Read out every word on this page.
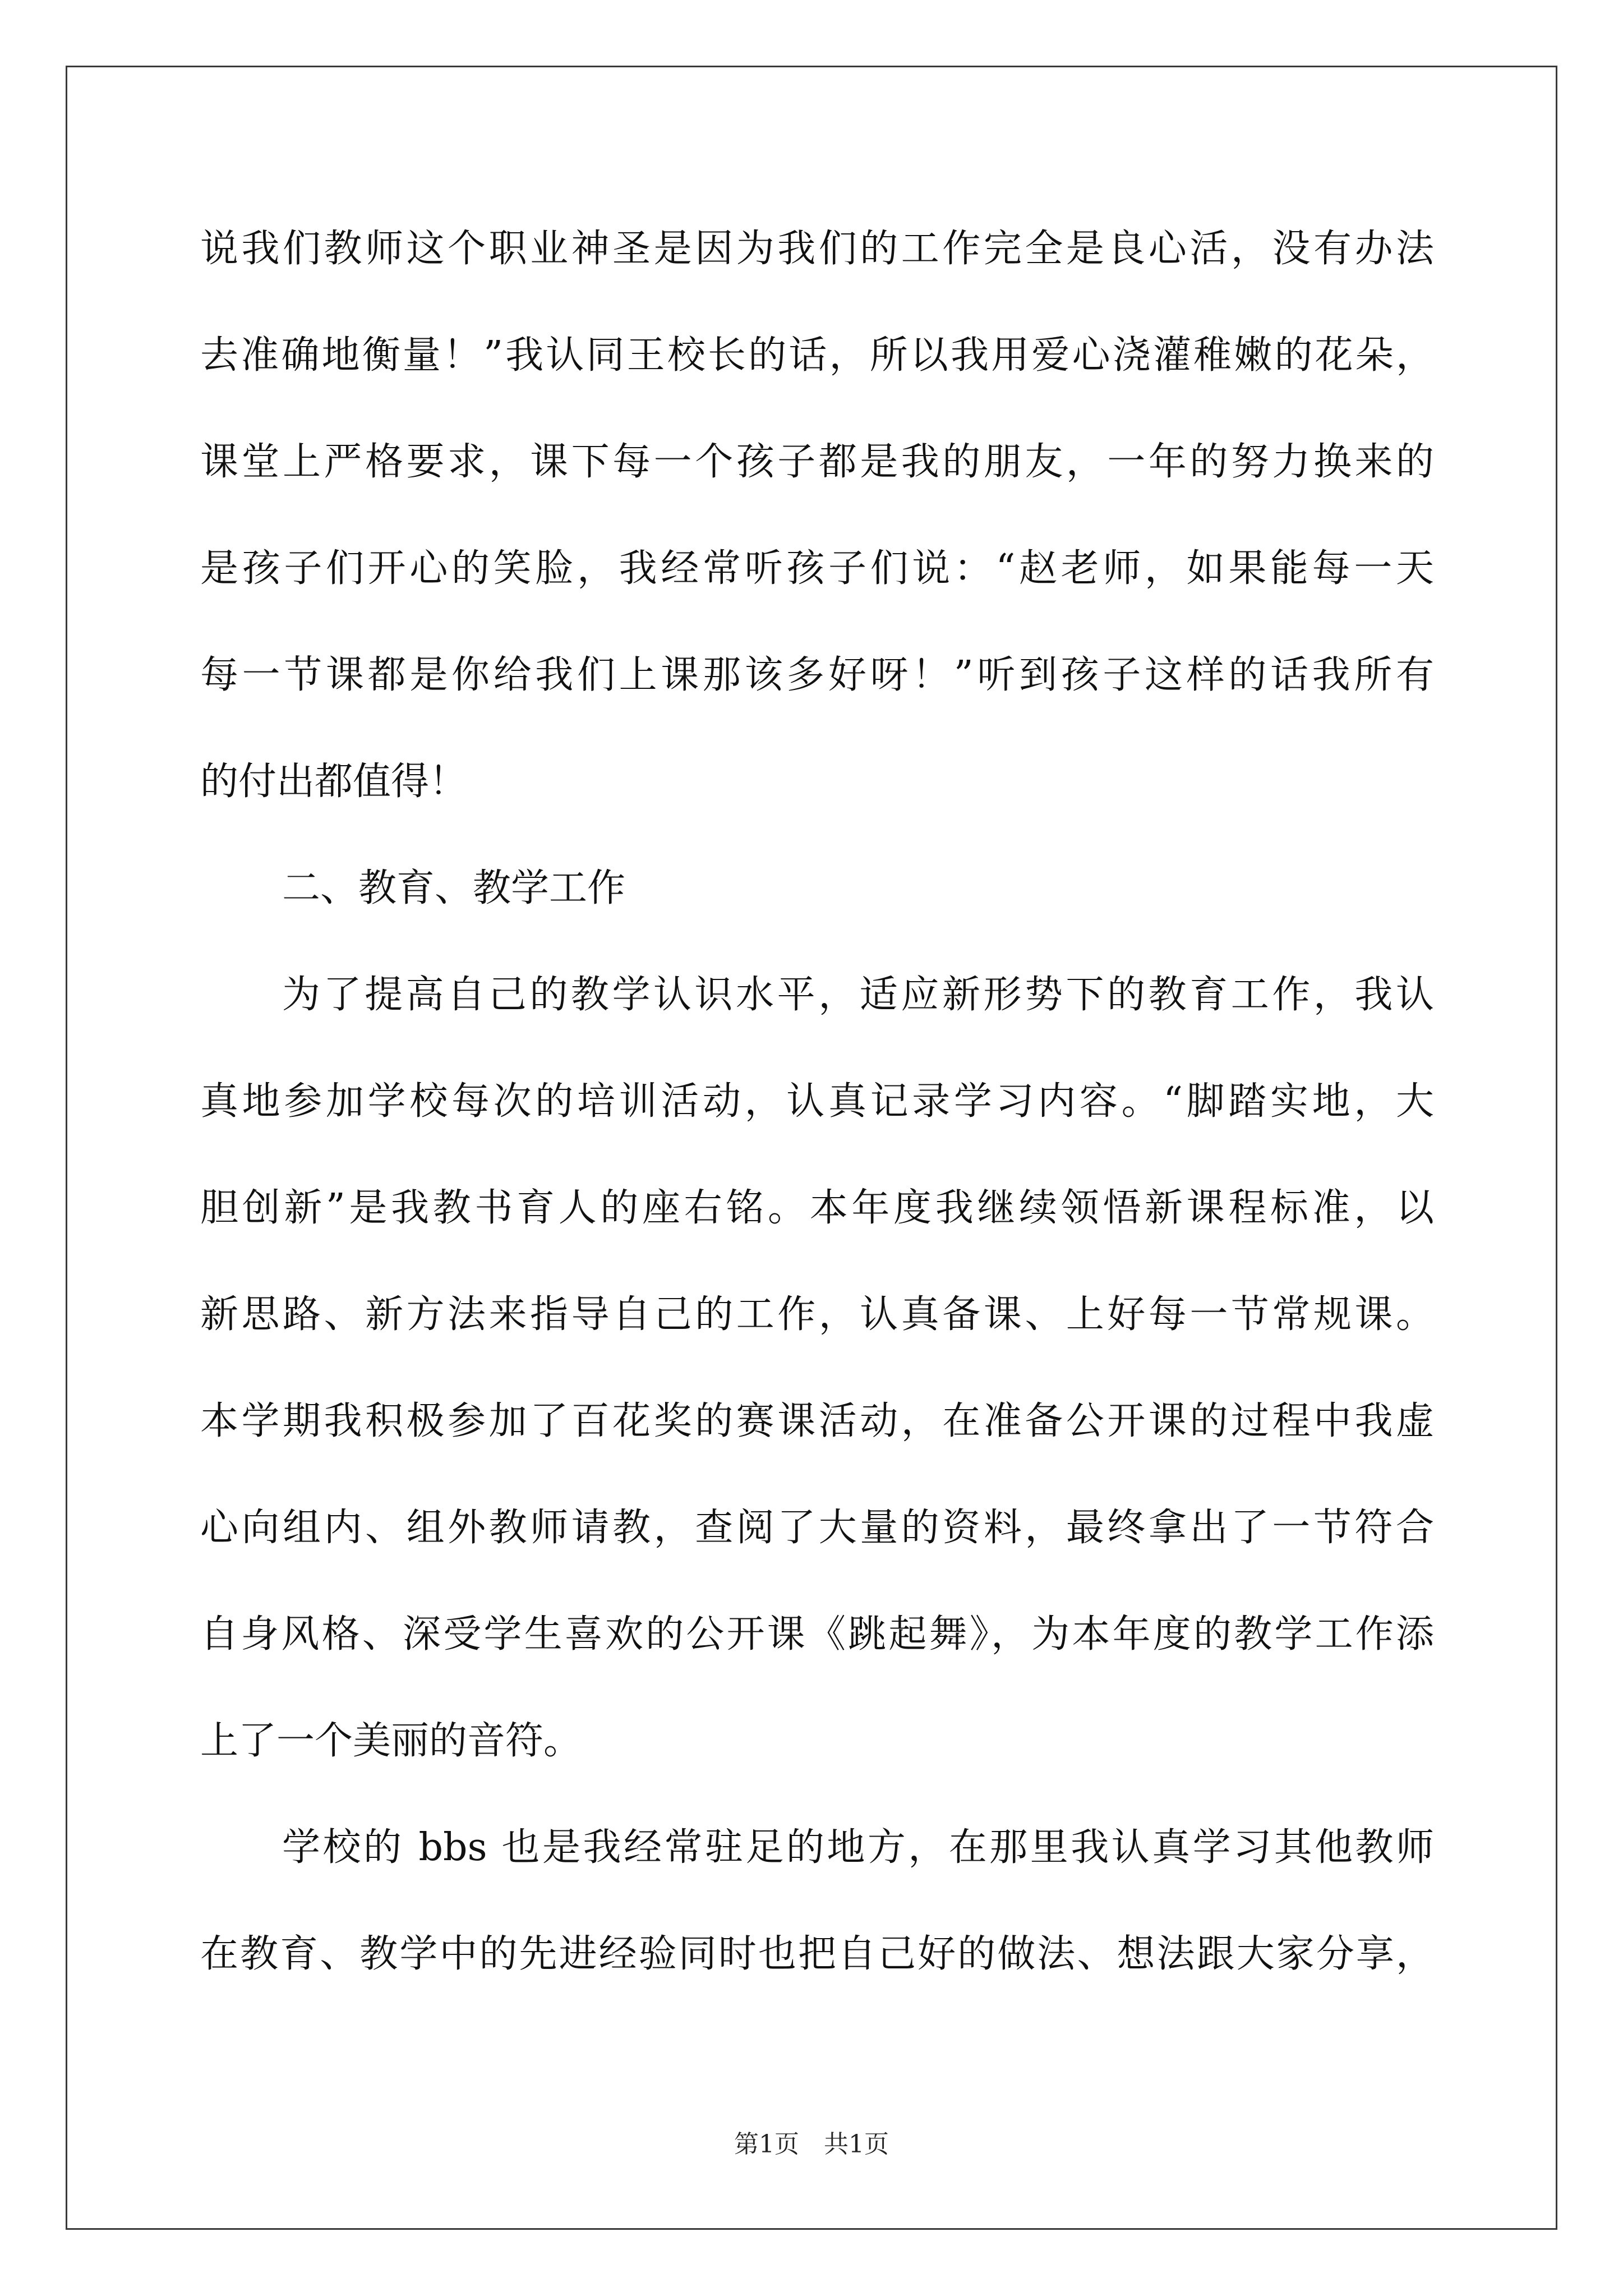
说我们教师这个职业神圣是因为我们的工作完全是良心活，没有办法
去准确地衡量！”我认同王校长的话，所以我用爱心浇灌稚嫩的花朵，
课堂上严格要求，课下每一个孩子都是我的朋友，一年的努力换来的
是孩子们开心的笑脸，我经常听孩子们说：“赵老师，如果能每一天
每一节课都是你给我们上课那该多好呀！”听到孩子这样的话我所有
的付出都值得！
二、教育、教学工作
为了提高自己的教学认识水平，适应新形势下的教育工作，我认
真地参加学校每次的培训活动，认真记录学习内容。“脚踏实地，大
胆创新”是我教书育人的座右铭。本年度我继续领悟新课程标准，以
新思路、新方法来指导自己的工作，认真备课、上好每一节常规课。
本学期我积极参加了百花奖的赛课活动，在准备公开课的过程中我虚
心向组内、组外教师请教，查阅了大量的资料，最终拿出了一节符合
自身风格、深受学生喜欢的公开课《跳起舞》，为本年度的教学工作添
上了一个美丽的音符。
学校的 bbs 也是我经常驻足的地方，在那里我认真学习其他教师
在教育、教学中的先进经验同时也把自己好的做法、想法跟大家分享，
第1页　共1页
